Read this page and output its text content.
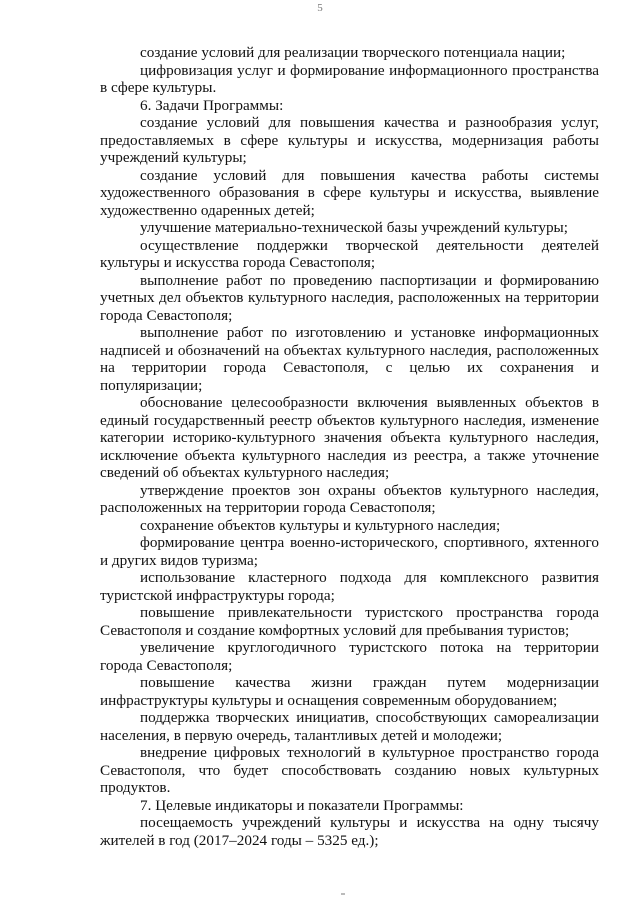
5

создание условий для реализации творческого потенциала нации;

цифровизация услуг и формирование информационного пространства в сфере культуры.

6. Задачи Программы:

создание условий для повышения качества и разнообразия услуг, предоставляемых в сфере культуры и искусства, модернизация работы учреждений культуры;

создание условий для повышения качества работы системы художественного образования в сфере культуры и искусства, выявление художественно одаренных детей;

улучшение материально-технической базы учреждений культуры;

осуществление поддержки творческой деятельности деятелей культуры и искусства города Севастополя;

выполнение работ по проведению паспортизации и формированию учетных дел объектов культурного наследия, расположенных на территории города Севастополя;

выполнение работ по изготовлению и установке информационных надписей и обозначений на объектах культурного наследия, расположенных на территории города Севастополя, с целью их сохранения и популяризации;

обоснование целесообразности включения выявленных объектов в единый государственный реестр объектов культурного наследия, изменение категории историко-культурного значения объекта культурного наследия, исключение объекта культурного наследия из реестра, а также уточнение сведений об объектах культурного наследия;

утверждение проектов зон охраны объектов культурного наследия, расположенных на территории города Севастополя;

сохранение объектов культуры и культурного наследия;

формирование центра военно-исторического, спортивного, яхтенного и других видов туризма;

использование кластерного подхода для комплексного развития туристской инфраструктуры города;

повышение привлекательности туристского пространства города Севастополя и создание комфортных условий для пребывания туристов;

увеличение круглогодичного туристского потока на территории города Севастополя;

повышение качества жизни граждан путем модернизации инфраструктуры культуры и оснащения современным оборудованием;

поддержка творческих инициатив, способствующих самореализации населения, в первую очередь, талантливых детей и молодежи;

внедрение цифровых технологий в культурное пространство города Севастополя, что будет способствовать созданию новых культурных продуктов.

7. Целевые индикаторы и показатели Программы:

посещаемость учреждений культуры и искусства на одну тысячу жителей в год (2017–2024 годы – 5325 ед.);
